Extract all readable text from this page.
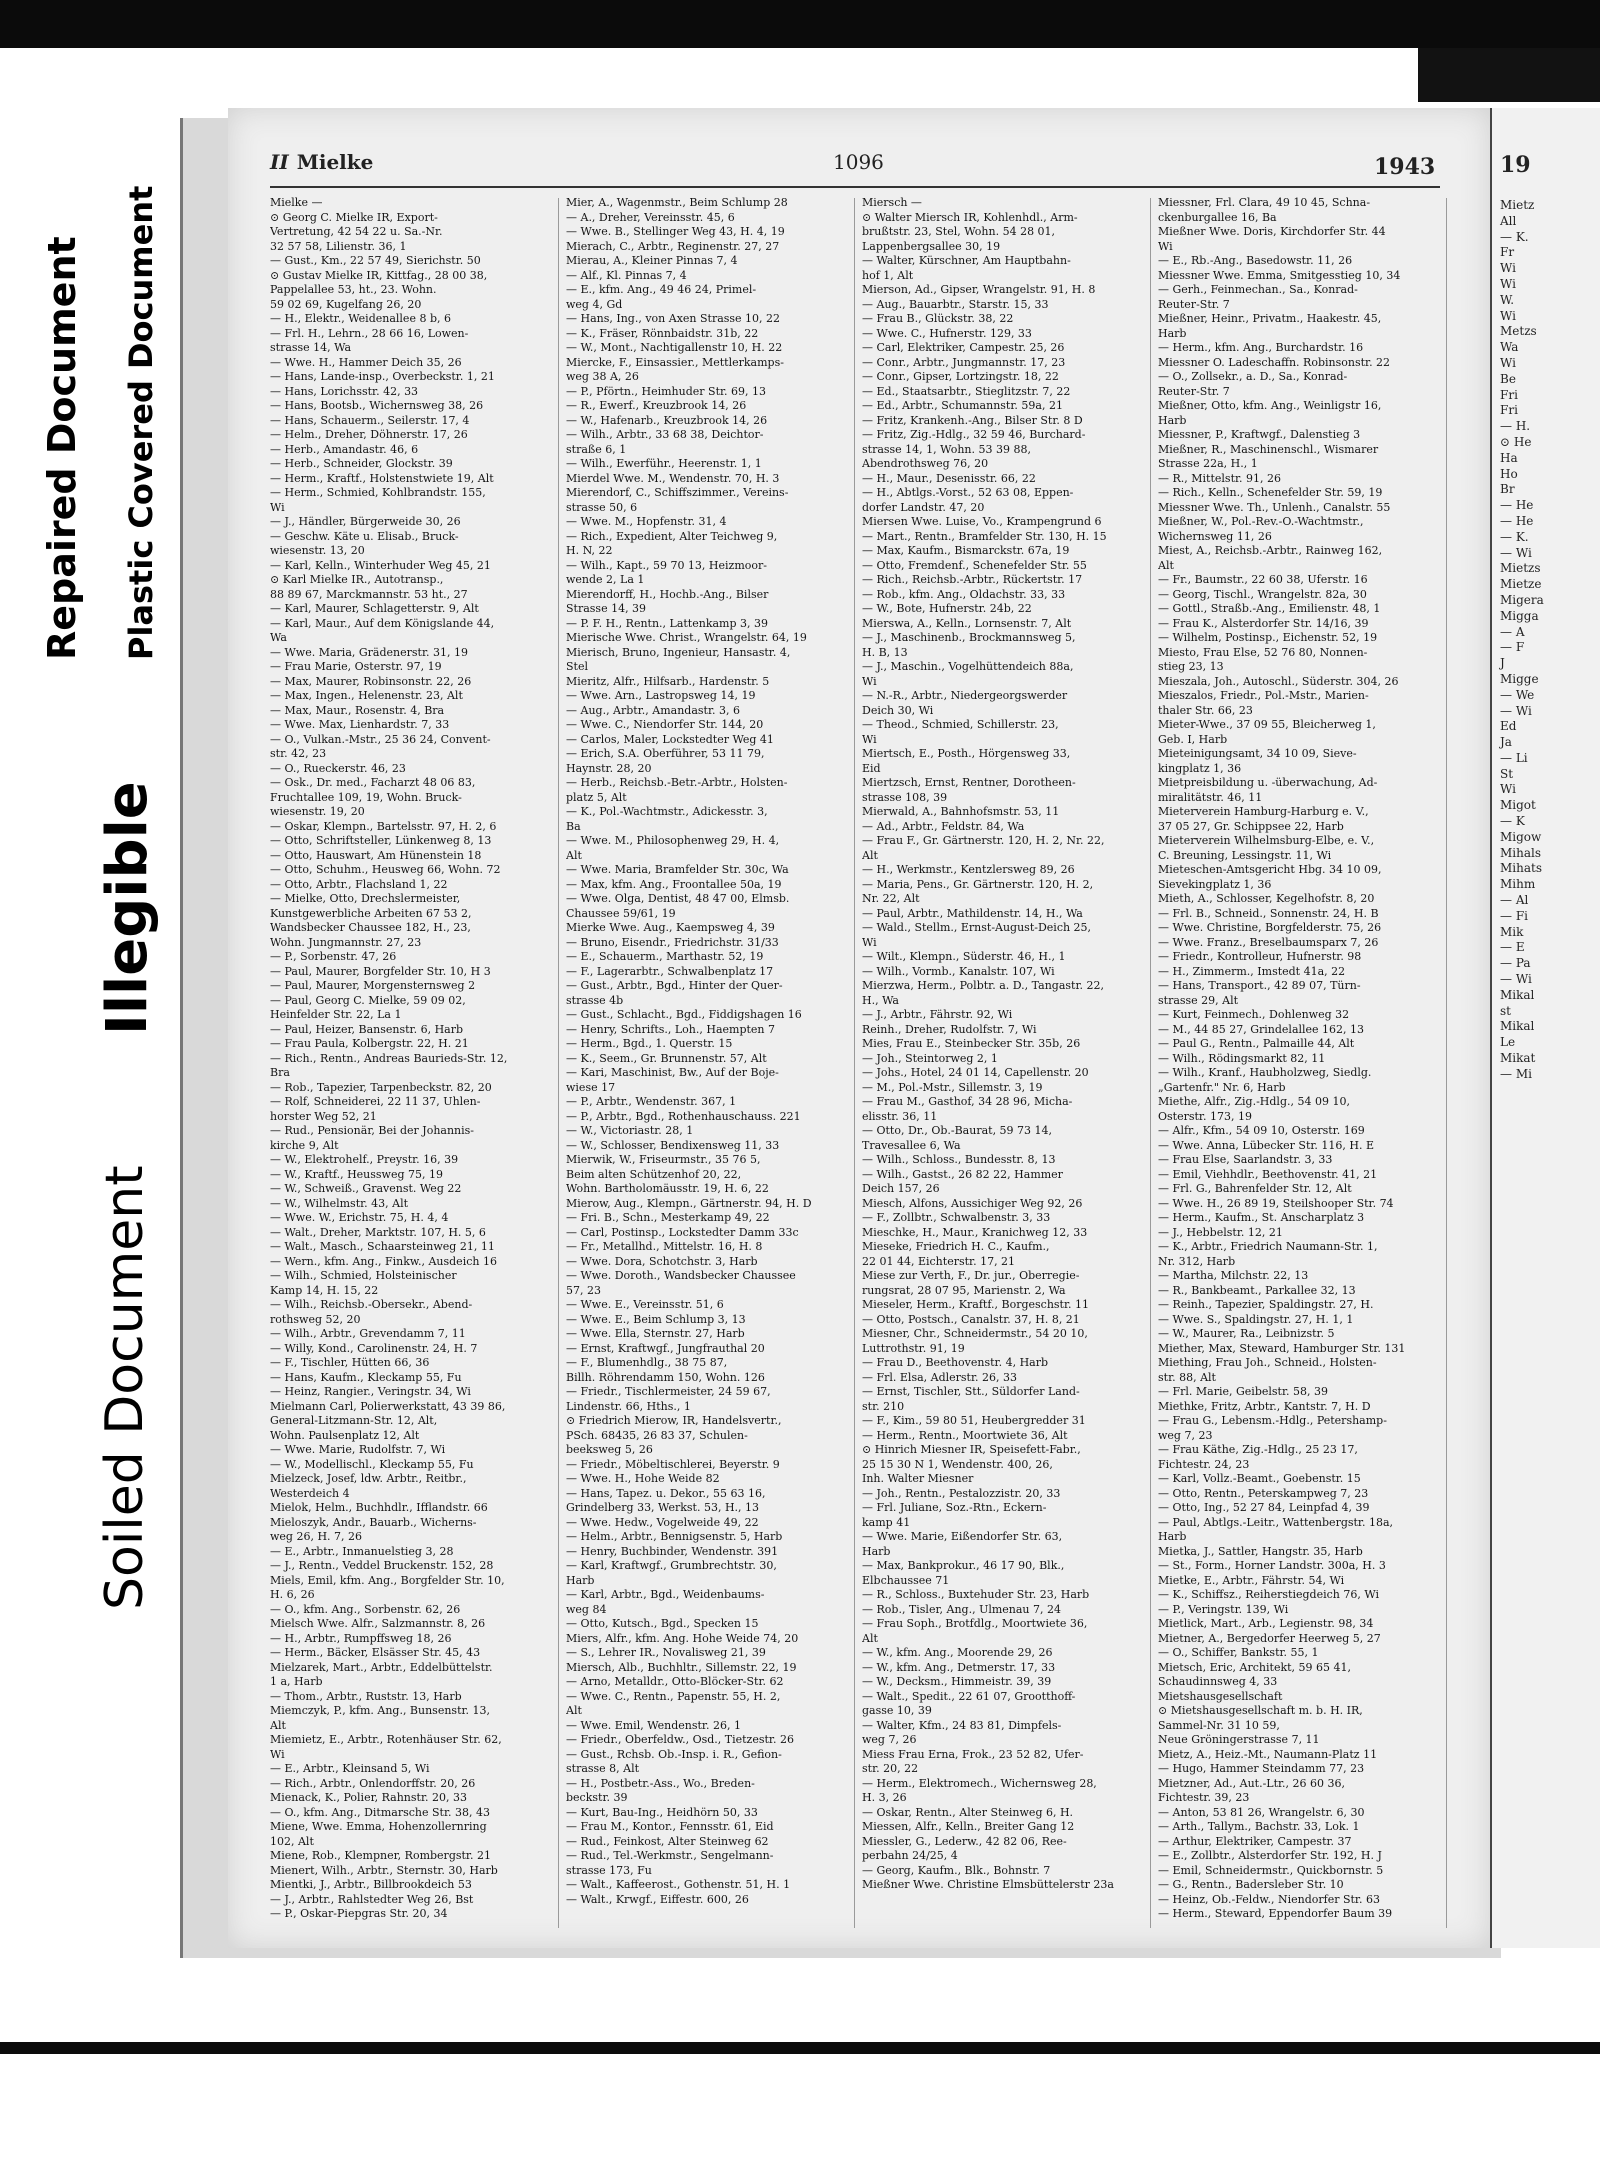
Repaired Document Plastic Covered Document
Illegible
Soiled Document
II Mielke	1096	1943
Mielke —
⊙ Georg C. Mielke IR, Export-
Vertretung, 42 54 22 u. Sa.-Nr.
32 57 58, Lilienstr. 36, 1
— Gust., Km., 22 57 49, Sierichstr. 50
⊙ Gustav Mielke IR, Kittfag., 28 00 38,
Pappelallee 53, ht., 23. Wohn.
59 02 69, Kugelfang 26, 20
— H., Elektr., Weidenallee 8 b, 6
— Frl. H., Lehrn., 28 66 16, Lowen-
strasse 14, Wa
— Wwe. H., Hammer Deich 35, 26
— Hans, Lande-insp., Overbeckstr. 1, 21
— Hans, Lorichsstr. 42, 33
— Hans, Bootsb., Wichernsweg 38, 26
— Hans, Schauerm., Seilerstr. 17, 4
— Helm., Dreher, Döhnerstr. 17, 26
— Herb., Amandastr. 46, 6
— Herb., Schneider, Glockstr. 39
— Herm., Kraftf., Holstenstwiete 19, Alt
— Herm., Schmied, Kohlbrandstr. 155,
Wi
— J., Händler, Bürgerweide 30, 26
— Geschw. Käte u. Elisab., Bruck-
wiesenstr. 13, 20
— Karl, Kelln., Winterhuder Weg 45, 21
⊙ Karl Mielke IR., Autotransp.,
88 89 67, Marckmannstr. 53 ht., 27
— Karl, Maurer, Schlagetterstr. 9, Alt
— Karl, Maur., Auf dem Königslande 44,
Wa
— Wwe. Maria, Grädenerstr. 31, 19
— Frau Marie, Osterstr. 97, 19
— Max, Maurer, Robinsonstr. 22, 26
— Max, Ingen., Helenenstr. 23, Alt
— Max, Maur., Rosenstr. 4, Bra
— Wwe. Max, Lienhardstr. 7, 33
— O., Vulkan.-Mstr., 25 36 24, Convent-
str. 42, 23
— O., Rueckerstr. 46, 23
— Osk., Dr. med., Facharzt 48 06 83,
Fruchtallee 109, 19, Wohn. Bruck-
wiesenstr. 19, 20
— Oskar, Klempn., Bartelsstr. 97, H. 2, 6
— Otto, Schriftsteller, Lünkenweg 8, 13
— Otto, Hauswart, Am Hünenstein 18
— Otto, Schuhm., Heusweg 66, Wohn. 72
— Otto, Arbtr., Flachsland 1, 22
— Mielke, Otto, Drechslermeister,
Kunstgewerbliche Arbeiten 67 53 2,
Wandsbecker Chaussee 182, H., 23,
Wohn. Jungmannstr. 27, 23
— P., Sorbenstr. 47, 26
— Paul, Maurer, Borgfelder Str. 10, H 3
— Paul, Maurer, Morgensternsweg 2
— Paul, Georg C. Mielke, 59 09 02,
Heinfelder Str. 22, La 1
— Paul, Heizer, Bansenstr. 6, Harb
— Frau Paula, Kolbergstr. 22, H. 21
— Rich., Rentn., Andreas Baurieds-Str. 12,
Bra
— Rob., Tapezier, Tarpenbeckstr. 82, 20
— Rolf, Schneiderei, 22 11 37, Uhlen-
horster Weg 52, 21
— Rud., Pensionär, Bei der Johannis-
kirche 9, Alt
— W., Elektrohelf., Preystr. 16, 39
— W., Kraftf., Heussweg 75, 19
— W., Schweiß., Gravenst. Weg 22
— W., Wilhelmstr. 43, Alt
— Wwe. W., Erichstr. 75, H. 4, 4
— Walt., Dreher, Marktstr. 107, H. 5, 6
— Walt., Masch., Schaarsteinweg 21, 11
— Wern., kfm. Ang., Finkw., Ausdeich 16
— Wilh., Schmied, Holsteinischer
Kamp 14, H. 15, 22
— Wilh., Reichsb.-Obersekr., Abend-
rothsweg 52, 20
— Wilh., Arbtr., Grevendamm 7, 11
— Willy, Kond., Carolinenstr. 24, H. 7
— F., Tischler, Hütten 66, 36
— Hans, Kaufm., Kleckamp 55, Fu
— Heinz, Rangier., Veringstr. 34, Wi
Mielmann Carl, Polierwerkstatt, 43 39 86,
General-Litzmann-Str. 12, Alt,
Wohn. Paulsenplatz 12, Alt
— Wwe. Marie, Rudolfstr. 7, Wi
— W., Modellischl., Kleckamp 55, Fu
Mielzeck, Josef, ldw. Arbtr., Reitbr.,
Westerdeich 4
Mielok, Helm., Buchhdlr., Ifflandstr. 66
Mieloszyk, Andr., Bauarb., Wicherns-
weg 26, H. 7, 26
— E., Arbtr., Inmanuelstieg 3, 28
— J., Rentn., Veddel Bruckenstr. 152, 28
Miels, Emil, kfm. Ang., Borgfelder Str. 10,
H. 6, 26
— O., kfm. Ang., Sorbenstr. 62, 26
Mielsch Wwe. Alfr., Salzmannstr. 8, 26
— H., Arbtr., Rumpffsweg 18, 26
— Herm., Bäcker, Elsässer Str. 45, 43
Mielzarek, Mart., Arbtr., Eddelbüttelstr.
1 a, Harb
— Thom., Arbtr., Ruststr. 13, Harb
Miemczyk, P., kfm. Ang., Bunsenstr. 13,
Alt
Miemietz, E., Arbtr., Rotenhäuser Str. 62,
Wi
— E., Arbtr., Kleinsand 5, Wi
— Rich., Arbtr., Onlendorffstr. 20, 26
Mienack, K., Polier, Rahnstr. 20, 33
— O., kfm. Ang., Ditmarsche Str. 38, 43
Miene, Wwe. Emma, Hohenzollernring
102, Alt
Miene, Rob., Klempner, Rombergstr. 21
Mienert, Wilh., Arbtr., Sternstr. 30, Harb
Mientki, J., Arbtr., Billbrookdeich 53
— J., Arbtr., Rahlstedter Weg 26, Bst
— P., Oskar-Piepgras Str. 20, 34
Mier, A., Wagenmstr., Beim Schlump 28
— A., Dreher, Vereinsstr. 45, 6
— Wwe. B., Stellinger Weg 43, H. 4, 19
Mierach, C., Arbtr., Reginenstr. 27, 27
Mierau, A., Kleiner Pinnas 7, 4
— Alf., Kl. Pinnas 7, 4
— E., kfm. Ang., 49 46 24, Primel-
weg 4, Gd
— Hans, Ing., von Axen Strasse 10, 22
— K., Fräser, Rönnbaidstr. 31b, 22
— W., Mont., Nachtigallenstr 10, H. 22
Miercke, F., Einsassier., Mettlerkamps-
weg 38 A, 26
— P., Pförtn., Heimhuder Str. 69, 13
— R., Ewerf., Kreuzbrook 14, 26
— W., Hafenarb., Kreuzbrook 14, 26
— Wilh., Arbtr., 33 68 38, Deichtor-
straße 6, 1
— Wilh., Ewerführ., Heerenstr. 1, 1
Mierdel Wwe. M., Wendenstr. 70, H. 3
Mierendorf, C., Schiffszimmer., Vereins-
strasse 50, 6
— Wwe. M., Hopfenstr. 31, 4
— Rich., Expedient, Alter Teichweg 9,
H. N, 22
— Wilh., Kapt., 59 70 13, Heizmoor-
wende 2, La 1
Mierendorff, H., Hochb.-Ang., Bilser
Strasse 14, 39
— P. F. H., Rentn., Lattenkamp 3, 39
Mierische Wwe. Christ., Wrangelstr. 64, 19
Mierisch, Bruno, Ingenieur, Hansastr. 4,
Stel
Mieritz, Alfr., Hilfsarb., Hardenstr. 5
— Wwe. Arn., Lastropsweg 14, 19
— Aug., Arbtr., Amandastr. 3, 6
— Wwe. C., Niendorfer Str. 144, 20
— Carlos, Maler, Lockstedter Weg 41
— Erich, S.A. Oberführer, 53 11 79,
Haynstr. 28, 20
— Herb., Reichsb.-Betr.-Arbtr., Holsten-
platz 5, Alt
— K., Pol.-Wachtmstr., Adickesstr. 3,
Ba
— Wwe. M., Philosophenweg 29, H. 4,
Alt
— Wwe. Maria, Bramfelder Str. 30c, Wa
— Max, kfm. Ang., Froontallee 50a, 19
— Wwe. Olga, Dentist, 48 47 00, Elmsb.
Chaussee 59/61, 19
Mierke Wwe. Aug., Kaempsweg 4, 39
— Bruno, Eisendr., Friedrichstr. 31/33
— E., Schauerm., Marthastr. 52, 19
— F., Lagerarbtr., Schwalbenplatz 17
— Gust., Arbtr., Bgd., Hinter der Quer-
strasse 4b
— Gust., Schlacht., Bgd., Fiddigshagen 16
— Henry, Schrifts., Loh., Haempten 7
— Herm., Bgd., 1. Querstr. 15
— K., Seem., Gr. Brunnenstr. 57, Alt
— Kari, Maschinist, Bw., Auf der Boje-
wiese 17
— P., Arbtr., Wendenstr. 367, 1
— P., Arbtr., Bgd., Rothenhauschauss. 221
— W., Victoriastr. 28, 1
— W., Schlosser, Bendixensweg 11, 33
Mierwik, W., Friseurmstr., 35 76 5,
Beim alten Schützenhof 20, 22,
Wohn. Bartholomäusstr. 19, H. 6, 22
Mierow, Aug., Klempn., Gärtnerstr. 94, H. D
— Fri. B., Schn., Mesterkamp 49, 22
— Carl, Postinsp., Lockstedter Damm 33c
— Fr., Metallhd., Mittelstr. 16, H. 8
— Wwe. Dora, Schotchstr. 3, Harb
— Wwe. Doroth., Wandsbecker Chaussee
57, 23
— Wwe. E., Vereinsstr. 51, 6
— Wwe. E., Beim Schlump 3, 13
— Wwe. Ella, Sternstr. 27, Harb
— Ernst, Kraftwgf., Jungfrauthal 20
— F., Blumenhdlg., 38 75 87,
Billh. Röhrendamm 150, Wohn. 126
— Friedr., Tischlermeister, 24 59 67,
Lindenstr. 66, Hths., 1
⊙ Friedrich Mierow, IR, Handelsvertr.,
PSch. 68435, 26 83 37, Schulen-
beeksweg 5, 26
— Friedr., Möbeltischlerei, Beyerstr. 9
— Wwe. H., Hohe Weide 82
— Hans, Tapez. u. Dekor., 55 63 16,
Grindelberg 33, Werkst. 53, H., 13
— Wwe. Hedw., Vogelweide 49, 22
— Helm., Arbtr., Bennigsenstr. 5, Harb
— Henry, Buchbinder, Wendenstr. 391
— Karl, Kraftwgf., Grumbrechtstr. 30,
Harb
— Karl, Arbtr., Bgd., Weidenbaums-
weg 84
— Otto, Kutsch., Bgd., Specken 15
Miers, Alfr., kfm. Ang. Hohe Weide 74, 20
— S., Lehrer IR., Novalisweg 21, 39
Miersch, Alb., Buchhltr., Sillemstr. 22, 19
— Arno, Metalldr., Otto-Blöcker-Str. 62
— Wwe. C., Rentn., Papenstr. 55, H. 2,
Alt
— Wwe. Emil, Wendenstr. 26, 1
— Friedr., Oberfeldw., Osd., Tietzestr. 26
— Gust., Rchsb. Ob.-Insp. i. R., Gefion-
strasse 8, Alt
— H., Postbetr.-Ass., Wo., Breden-
beckstr. 39
— Kurt, Bau-Ing., Heidhörn 50, 33
— Frau M., Kontor., Fennsstr. 61, Eid
— Rud., Feinkost, Alter Steinweg 62
— Rud., Tel.-Werkmstr., Sengelmann-
strasse 173, Fu
— Walt., Kaffeerost., Gothenstr. 51, H. 1
— Walt., Krwgf., Eiffestr. 600, 26
Miersch —
⊙ Walter Miersch IR, Kohlenhdl., Arm-
brußtstr. 23, Stel, Wohn. 54 28 01,
Lappenbergsallee 30, 19
— Walter, Kürschner, Am Hauptbahn-
hof 1, Alt
Mierson, Ad., Gipser, Wrangelstr. 91, H. 8
— Aug., Bauarbtr., Starstr. 15, 33
— Frau B., Glückstr. 38, 22
— Wwe. C., Hufnerstr. 129, 33
— Carl, Elektriker, Campestr. 25, 26
— Conr., Arbtr., Jungmannstr. 17, 23
— Conr., Gipser, Lortzingstr. 18, 22
— Ed., Staatsarbtr., Stieglitzstr. 7, 22
— Ed., Arbtr., Schumannstr. 59a, 21
— Fritz, Krankenh.-Ang., Bilser Str. 8 D
— Fritz, Zig.-Hdlg., 32 59 46, Burchard-
strasse 14, 1, Wohn. 53 39 88,
Abendrothsweg 76, 20
— H., Maur., Desenisstr. 66, 22
— H., Abtlgs.-Vorst., 52 63 08, Eppen-
dorfer Landstr. 47, 20
Miersen Wwe. Luise, Vo., Krampengrund 6
— Mart., Rentn., Bramfelder Str. 130, H. 15
— Max, Kaufm., Bismarckstr. 67a, 19
— Otto, Fremdenf., Schenefelder Str. 55
— Rich., Reichsb.-Arbtr., Rückertstr. 17
— Rob., kfm. Ang., Oldachstr. 33, 33
— W., Bote, Hufnerstr. 24b, 22
Mierswa, A., Kelln., Lornsenstr. 7, Alt
— J., Maschinenb., Brockmannsweg 5,
H. B, 13
— J., Maschin., Vogelhüttendeich 88a,
Wi
— N.-R., Arbtr., Niedergeorgswerder
Deich 30, Wi
— Theod., Schmied, Schillerstr. 23,
Wi
Miertsch, E., Posth., Hörgensweg 33,
Eid
Miertzsch, Ernst, Rentner, Dorotheen-
strasse 108, 39
Mierwald, A., Bahnhofsmstr. 53, 11
— Ad., Arbtr., Feldstr. 84, Wa
— Frau F., Gr. Gärtnerstr. 120, H. 2, Nr. 22,
Alt
— H., Werkmstr., Kentzlersweg 89, 26
— Maria, Pens., Gr. Gärtnerstr. 120, H. 2,
Nr. 22, Alt
— Paul, Arbtr., Mathildenstr. 14, H., Wa
— Wald., Stellm., Ernst-August-Deich 25,
Wi
— Wilt., Klempn., Süderstr. 46, H., 1
— Wilh., Vormb., Kanalstr. 107, Wi
Mierzwa, Herm., Polbtr. a. D., Tangastr. 22,
H., Wa
— J., Arbtr., Fährstr. 92, Wi
Reinh., Dreher, Rudolfstr. 7, Wi
Mies, Frau E., Steinbecker Str. 35b, 26
— Joh., Steintorweg 2, 1
— Johs., Hotel, 24 01 14, Capellenstr. 20
— M., Pol.-Mstr., Sillemstr. 3, 19
— Frau M., Gasthof, 34 28 96, Micha-
elisstr. 36, 11
— Otto, Dr., Ob.-Baurat, 59 73 14,
Travesallee 6, Wa
— Wilh., Schloss., Bundesstr. 8, 13
— Wilh., Gastst., 26 82 22, Hammer
Deich 157, 26
Miesch, Alfons, Aussichiger Weg 92, 26
— F., Zollbtr., Schwalbenstr. 3, 33
Mieschke, H., Maur., Kranichweg 12, 33
Mieseke, Friedrich H. C., Kaufm.,
22 01 44, Eichterstr. 17, 21
Miese zur Verth, F., Dr. jur., Oberregie-
rungsrat, 28 07 95, Marienstr. 2, Wa
Mieseler, Herm., Kraftf., Borgeschstr. 11
— Otto, Postsch., Canalstr. 37, H. 8, 21
Miesner, Chr., Schneidermstr., 54 20 10,
Luttrothstr. 91, 19
— Frau D., Beethovenstr. 4, Harb
— Frl. Elsa, Adlerstr. 26, 33
— Ernst, Tischler, Stt., Süldorfer Land-
str. 210
— F., Kim., 59 80 51, Heubergredder 31
— Herm., Rentn., Moortwiete 36, Alt
⊙ Hinrich Miesner IR, Speisefett-Fabr.,
25 15 30 N 1, Wendenstr. 400, 26,
Inh. Walter Miesner
— Joh., Rentn., Pestalozzistr. 20, 33
— Frl. Juliane, Soz.-Rtn., Eckern-
kamp 41
— Wwe. Marie, Eißendorfer Str. 63,
Harb
— Max, Bankprokur., 46 17 90, Blk.,
Elbchaussee 71
— R., Schloss., Buxtehuder Str. 23, Harb
— Rob., Tisler, Ang., Ulmenau 7, 24
— Frau Soph., Brotfdlg., Moortwiete 36,
Alt
— W., kfm. Ang., Moorende 29, 26
— W., kfm. Ang., Detmerstr. 17, 33
— W., Decksm., Himmeistr. 39, 39
— Walt., Spedit., 22 61 07, Grootthoff-
gasse 10, 39
— Walter, Kfm., 24 83 81, Dimpfels-
weg 7, 26
Miess Frau Erna, Frok., 23 52 82, Ufer-
str. 20, 22
— Herm., Elektromech., Wichernsweg 28,
H. 3, 26
— Oskar, Rentn., Alter Steinweg 6, H.
Miessen, Alfr., Kelln., Breiter Gang 12
Miessler, G., Lederw., 42 82 06, Ree-
perbahn 24/25, 4
— Georg, Kaufm., Blk., Bohnstr. 7
Mießner Wwe. Christine Elmsbüttelerstr 23a
Miessner, Frl. Clara, 49 10 45, Schna-
ckenburgallee 16, Ba
Mießner Wwe. Doris, Kirchdorfer Str. 44
Wi
— E., Rb.-Ang., Basedowstr. 11, 26
Miessner Wwe. Emma, Smitgesstieg 10, 34
— Gerh., Feinmechan., Sa., Konrad-
Reuter-Str. 7
Mießner, Heinr., Privatm., Haakestr. 45,
Harb
— Herm., kfm. Ang., Burchardstr. 16
Miessner O. Ladeschaffn. Robinsonstr. 22
— O., Zollsekr., a. D., Sa., Konrad-
Reuter-Str. 7
Mießner, Otto, kfm. Ang., Weinligstr 16,
Harb
Miessner, P., Kraftwgf., Dalenstieg 3
Mießner, R., Maschinenschl., Wismarer
Strasse 22a, H., 1
— R., Mittelstr. 91, 26
— Rich., Kelln., Schenefelder Str. 59, 19
Miessner Wwe. Th., Unlenh., Canalstr. 55
Mießner, W., Pol.-Rev.-O.-Wachtmstr.,
Wichernsweg 11, 26
Miest, A., Reichsb.-Arbtr., Rainweg 162,
Alt
— Fr., Baumstr., 22 60 38, Uferstr. 16
— Georg, Tischl., Wrangelstr. 82a, 30
— Gottl., Straßb.-Ang., Emilienstr. 48, 1
— Frau K., Alsterdorfer Str. 14/16, 39
— Wilhelm, Postinsp., Eichenstr. 52, 19
Miesto, Frau Else, 52 76 80, Nonnen-
stieg 23, 13
Mieszala, Joh., Autoschl., Süderstr. 304, 26
Mieszalos, Friedr., Pol.-Mstr., Marien-
thaler Str. 66, 23
Mieter-Wwe., 37 09 55, Bleicherweg 1,
Geb. I, Harb
Mieteinigungsamt, 34 10 09, Sieve-
kingplatz 1, 36
Mietpreisbildung u. -überwachung, Ad-
miralitätstr. 46, 11
Mieterverein Hamburg-Harburg e. V.,
37 05 27, Gr. Schippsee 22, Harb
Mieterverein Wilhelmsburg-Elbe, e. V.,
C. Breuning, Lessingstr. 11, Wi
Mieteschen-Amtsgericht Hbg. 34 10 09,
Sievekingplatz 1, 36
Mieth, A., Schlosser, Kegelhofstr. 8, 20
— Frl. B., Schneid., Sonnenstr. 24, H. B
— Wwe. Christine, Borgfelderstr. 75, 26
— Wwe. Franz., Breselbaumsparx 7, 26
— Friedr., Kontrolleur, Hufnerstr. 98
— H., Zimmerm., Imstedt 41a, 22
— Hans, Transport., 42 89 07, Türn-
strasse 29, Alt
— Kurt, Feinmech., Dohlenweg 32
— M., 44 85 27, Grindelallee 162, 13
— Paul G., Rentn., Palmaille 44, Alt
— Wilh., Rödingsmarkt 82, 11
— Wilh., Kranf., Haubholzweg, Siedlg.
„Gartenfr." Nr. 6, Harb
Miethe, Alfr., Zig.-Hdlg., 54 09 10,
Osterstr. 173, 19
— Alfr., Kfm., 54 09 10, Osterstr. 169
— Wwe. Anna, Lübecker Str. 116, H. E
— Frau Else, Saarlandstr. 3, 33
— Emil, Viehhdlr., Beethovenstr. 41, 21
— Frl. G., Bahrenfelder Str. 12, Alt
— Wwe. H., 26 89 19, Steilshooper Str. 74
— Herm., Kaufm., St. Anscharplatz 3
— J., Hebbelstr. 12, 21
— K., Arbtr., Friedrich Naumann-Str. 1,
Nr. 312, Harb
— Martha, Milchstr. 22, 13
— R., Bankbeamt., Parkallee 32, 13
— Reinh., Tapezier, Spaldingstr. 27, H.
— Wwe. S., Spaldingstr. 27, H. 1, 1
— W., Maurer, Ra., Leibnizstr. 5
Miether, Max, Steward, Hamburger Str. 131
Miething, Frau Joh., Schneid., Holsten-
str. 88, Alt
— Frl. Marie, Geibelstr. 58, 39
Miethke, Fritz, Arbtr., Kantstr. 7, H. D
— Frau G., Lebensm.-Hdlg., Petershamp-
weg 7, 23
— Frau Käthe, Zig.-Hdlg., 25 23 17,
Fichtestr. 24, 23
— Karl, Vollz.-Beamt., Goebenstr. 15
— Otto, Rentn., Peterskampweg 7, 23
— Otto, Ing., 52 27 84, Leinpfad 4, 39
— Paul, Abtlgs.-Leitr., Wattenbergstr. 18a,
Harb
Mietka, J., Sattler, Hangstr. 35, Harb
— St., Form., Horner Landstr. 300a, H. 3
Mietke, E., Arbtr., Fährstr. 54, Wi
— K., Schiffsz., Reiherstiegdeich 76, Wi
— P., Veringstr. 139, Wi
Mietlick, Mart., Arb., Legienstr. 98, 34
Mietner, A., Bergedorfer Heerweg 5, 27
— O., Schiffer, Bankstr. 55, 1
Mietsch, Eric, Architekt, 59 65 41,
Schaudinnsweg 4, 33
Mietshausgesellschaft
⊙ Mietshausgesellschaft m. b. H. IR,
Sammel-Nr. 31 10 59,
Neue Gröningerstrasse 7, 11
Mietz, A., Heiz.-Mt., Naumann-Platz 11
— Hugo, Hammer Steindamm 77, 23
Mietzner, Ad., Aut.-Ltr., 26 60 36,
Fichtestr. 39, 23
— Anton, 53 81 26, Wrangelstr. 6, 30
— Arth., Tallym., Bachstr. 33, Lok. 1
— Arthur, Elektriker, Campestr. 37
— E., Zollbtr., Alsterdorfer Str. 192, H. J
— Emil, Schneidermstr., Quickbornstr. 5
— G., Rentn., Badersleber Str. 10
— Heinz, Ob.-Feldw., Niendorfer Str. 63
— Herm., Steward, Eppendorfer Baum 39
19
Mietz
All
— K.
Fr
Wi
Wi
W.
Wi
Metzs
Wa
Wi
Be
Fri
Fri
— H.
⊙ He
Ha
Ho
Br
— He
— He
— K.
— Wi
Mietzs
Mietze
Migera
Migga
— A
— F
J
Migge
— We
— Wi
Ed
Ja
— Li
St
Wi
Migot
— K
Migow
Mihals
Mihats
Mihm
— Al
— Fi
Mik
— E
— Pa
— Wi
Mikal
st
Mikal
Le
Mikat
— Mi
